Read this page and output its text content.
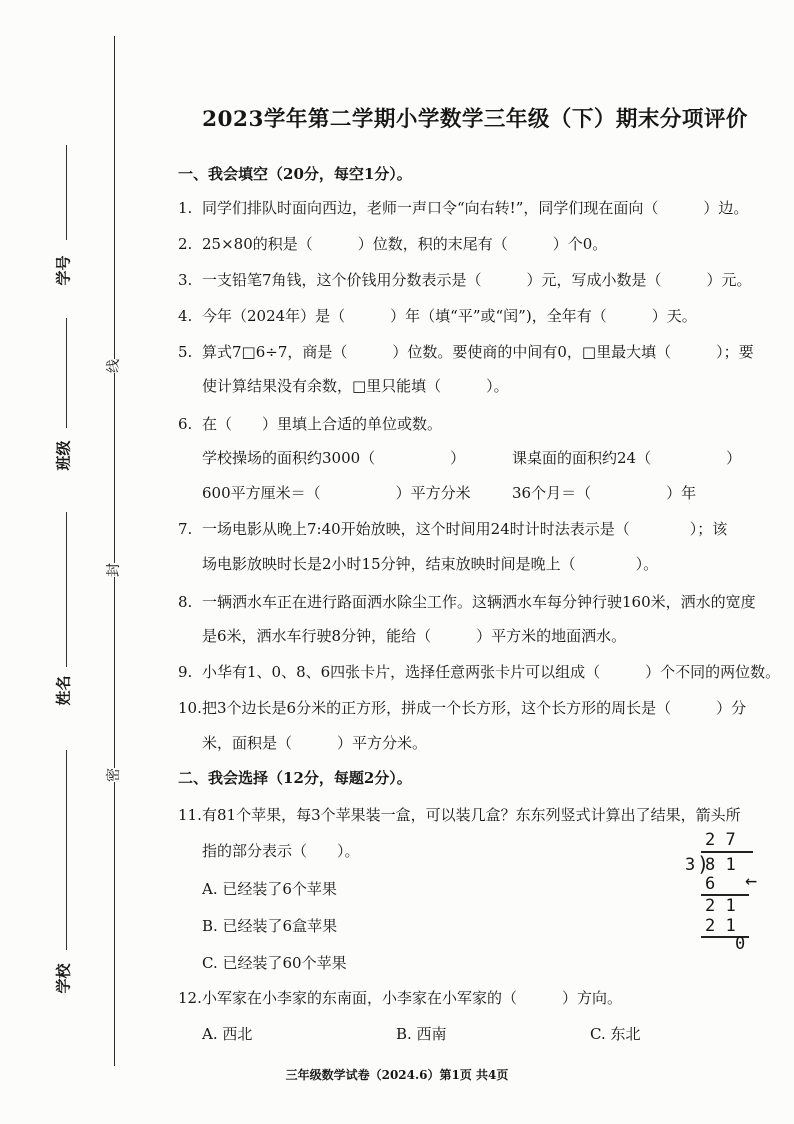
学号
班级
姓名
学校
线
封
密
2023学年第二学期小学数学三年级（下）期末分项评价
一、我会填空（20分，每空1分）。
1. 同学们排队时面向西边，老师一声口令“向右转!”，同学们现在面向（　　　）边。
2. 25×80的积是（　　　）位数，积的末尾有（　　　）个0。
3. 一支铅笔7角钱，这个价钱用分数表示是（　　　）元，写成小数是（　　　）元。
4. 今年（2024年）是（　　　）年（填“平”或“闰”)，全年有（　　　）天。
5. 算式7□6÷7，商是（　　　）位数。要使商的中间有0，□里最大填（　　　）；要
使计算结果没有余数，□里只能填（　　　）。
6. 在（　　）里填上合适的单位或数。
学校操场的面积约3000（　　　　　）	课桌面的面积约24（　　　　　）
600平方厘米＝（　　　　　）平方分米	36个月＝（　　　　　）年
7. 一场电影从晚上7:40开始放映，这个时间用24时计时法表示是（　　　　）；该
场电影放映时长是2小时15分钟，结束放映时间是晚上（　　　　）。
8. 一辆洒水车正在进行路面洒水除尘工作。这辆洒水车每分钟行驶160米，洒水的宽度
是6米，洒水车行驶8分钟，能给（　　　）平方米的地面洒水。
9. 小华有1、0、8、6四张卡片，选择任意两张卡片可以组成（　　　）个不同的两位数。
10.把3个边长是6分米的正方形，拼成一个长方形，这个长方形的周长是（　　　）分
米，面积是（　　　）平方分米。
二、我会选择（12分，每题2分）。
11.有81个苹果，每3个苹果装一盒，可以装几盒？东东列竖式计算出了结果，箭头所
指的部分表示（　　）。
A. 已经装了6个苹果
B. 已经装了6盒苹果
C. 已经装了60个苹果
12.小军家在小李家的东南面，小李家在小军家的（　　　）方向。
A. 西北	B. 西南	C. 东北
2 7
3 )
8 1
6 ←
2 1
2 1
0
三年级数学试卷（2024.6）第1页 共4页
